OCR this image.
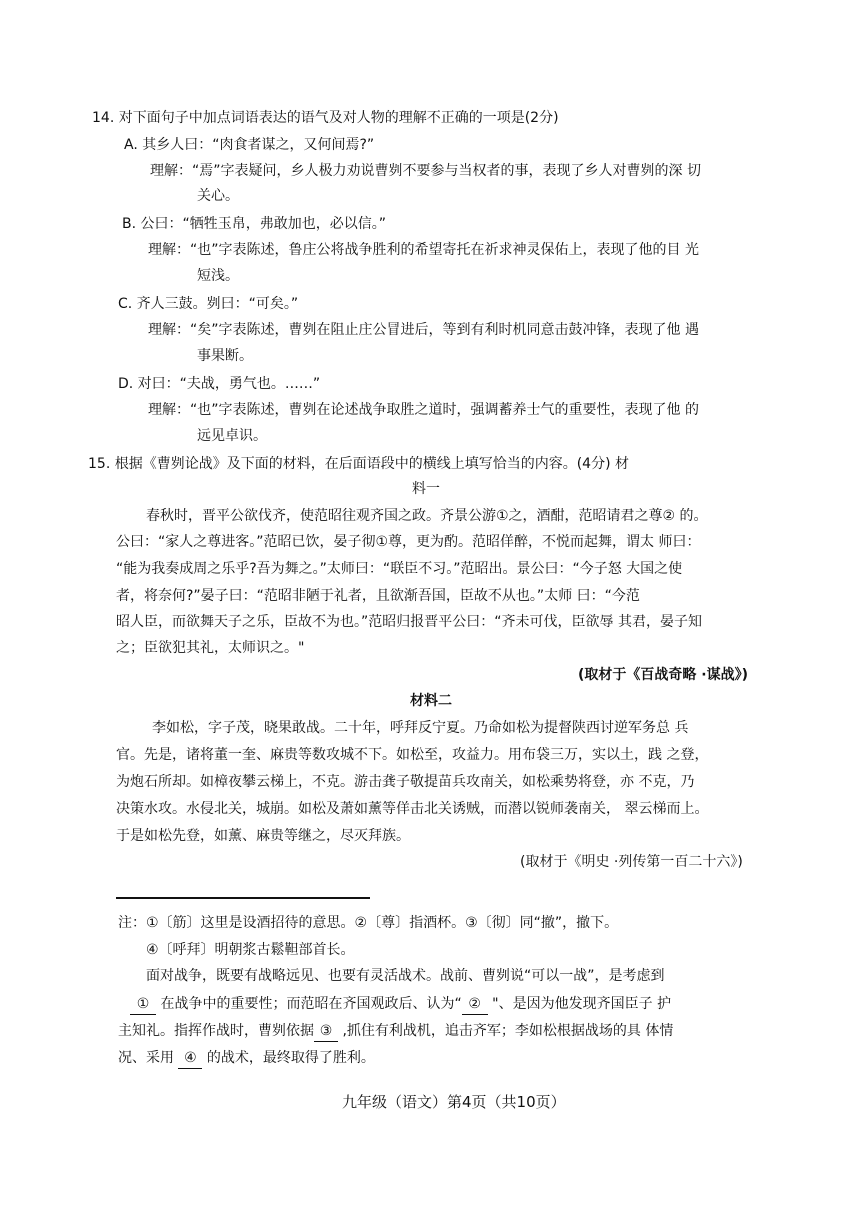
14. 对下面句子中加点词语表达的语气及对人物的理解不正确的一项是(2分)
A. 其乡人曰：“肉食者谋之，又何间焉?”
理解：“焉”字表疑问，乡人极力劝说曹刿不要参与当权者的事，表现了乡人对曹刿的深 切
关心。
B. 公曰：“牺牲玉帛，弗敢加也，必以信。”
理解：“也”字表陈述，鲁庄公将战争胜利的希望寄托在祈求神灵保佑上，表现了他的目 光
短浅。
C. 齐人三鼓。刿曰：“可矣。”
理解：“矣”字表陈述，曹刿在阻止庄公冒进后，等到有利时机同意击鼓冲锋，表现了他 遇
事果断。
D. 对曰：“夫战，勇气也。……”
理解：“也”字表陈述，曹刿在论述战争取胜之道时，强调蓄养士气的重要性，表现了他 的
远见卓识。
15. 根据《曹刿论战》及下面的材料，在后面语段中的横线上填写恰当的内容。(4分) 材
料一
春秋时，晋平公欲伐齐，使范昭往观齐国之政。齐景公游①之，酒酣，范昭请君之尊② 的。
公曰：“家人之尊进客。”范昭已饮，晏子彻①尊，更为酌。范昭佯醉，不悦而起舞，谓太 师曰：
“能为我奏成周之乐乎?吾为舞之。”太师曰：“联臣不习。”范昭出。景公曰：“今子怒 大国之使
者，将奈何?”晏子曰：“范昭非陋于礼者，且欲渐吾国，臣故不从也。”太师 曰：“今范
昭人臣，而欲舞天子之乐，臣故不为也。”范昭归报晋平公曰：“齐未可伐，臣欲辱 其君，晏子知
之；臣欲犯其礼，太师识之。"
(取材于《百战奇略 ·谋战》)
材料二
李如松，字子茂，晓果敢战。二十年，呼拜反宁夏。乃命如松为提督陕西讨逆军务总 兵
官。先是，诸将董一奎、麻贵等数攻城不下。如松至，攻益力。用布袋三万，实以土，践 之登，
为炮石所却。如樟夜攀云梯上，不克。游击龚子敬提苗兵攻南关，如松乘势将登，亦 不克，乃
决策水攻。水侵北关，城崩。如松及萧如薰等佯击北关诱贼，而潜以锐师袭南关， 翠云梯而上。
于是如松先登，如薰、麻贵等继之，尽灭拜族。
(取材于《明史 ·列传第一百二十六》)
注：①〔筋〕这里是设酒招待的意思。②〔尊〕指酒杯。③〔彻〕同“撤”，撤下。
④〔呼拜〕明朝浆古鬆靼部首长。
面对战争，既要有战略远见、也要有灵活战术。战前、曹刿说“可以一战”，是考虑到
① 在战争中的重要性；而范昭在齐国观政后、认为“ ② "、是因为他发现齐国臣子 护
主知礼。指挥作战时，曹刿依据 ③ ,抓住有利战机，追击齐军；李如松根据战场的具 体情
况、采用 ④ 的战术，最终取得了胜利。
九年级（语文）第4页（共10页）
